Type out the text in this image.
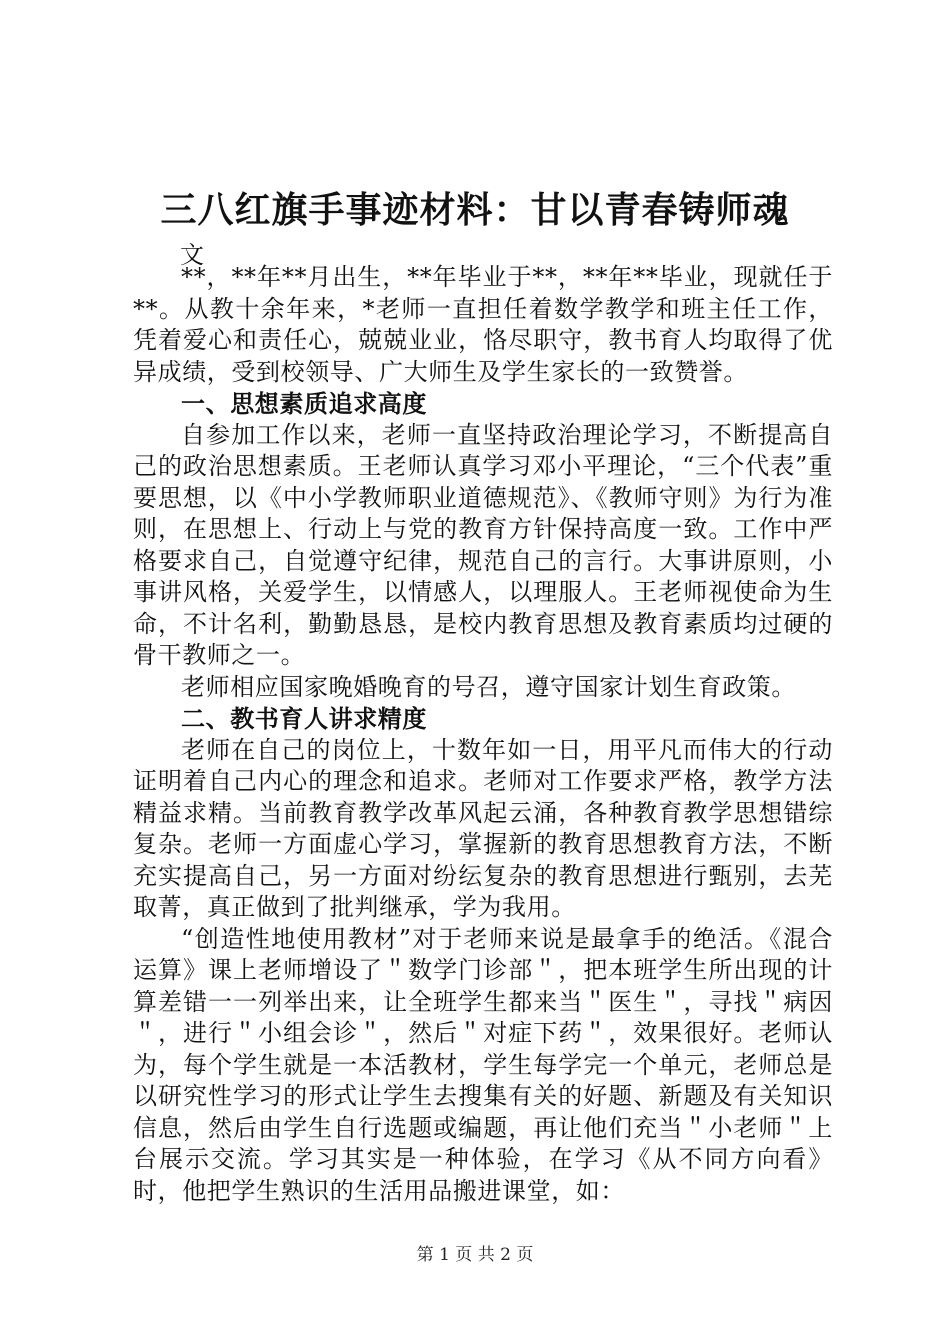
三八红旗手事迹材料：甘以青春铸师魂
文

**，**年**月出生，**年毕业于**，**年**毕业，现就任于**。从教十余年来，*老师一直担任着数学教学和班主任工作，凭着爱心和责任心，兢兢业业，恪尽职守，教书育人均取得了优异成绩，受到校领导、广大师生及学生家长的一致赞誉。

一、思想素质追求高度

自参加工作以来，老师一直坚持政治理论学习，不断提高自己的政治思想素质。王老师认真学习邓小平理论，“三个代表”重要思想，以《中小学教师职业道德规范》、《教师守则》为行为准则，在思想上、行动上与党的教育方针保持高度一致。工作中严格要求自己，自觉遵守纪律，规范自己的言行。大事讲原则，小事讲风格，关爱学生，以情感人，以理服人。王老师视使命为生命，不计名利，勤勤恳恳，是校内教育思想及教育素质均过硬的骨干教师之一。

老师相应国家晚婚晚育的号召，遵守国家计划生育政策。

二、教书育人讲求精度

老师在自己的岗位上，十数年如一日，用平凡而伟大的行动证明着自己内心的理念和追求。老师对工作要求严格，教学方法精益求精。当前教育教学改革风起云涌，各种教育教学思想错综复杂。老师一方面虚心学习，掌握新的教育思想教育方法，不断充实提高自己，另一方面对纷纭复杂的教育思想进行甄别，去芜取菁，真正做到了批判继承，学为我用。

“创造性地使用教材”对于老师来说是最拿手的绝活。《混合运算》课上老师增设了＂数学门诊部＂，把本班学生所出现的计算差错一一列举出来，让全班学生都来当＂医生＂，寻找＂病因＂，进行＂小组会诊＂，然后＂对症下药＂，效果很好。老师认为，每个学生就是一本活教材，学生每学完一个单元，老师总是以研究性学习的形式让学生去搜集有关的好题、新题及有关知识信息，然后由学生自行选题或编题，再让他们充当＂小老师＂上台展示交流。学习其实是一种体验，在学习《从不同方向看》时，他把学生熟识的生活用品搬进课堂，如：

第 1 页 共 2 页
